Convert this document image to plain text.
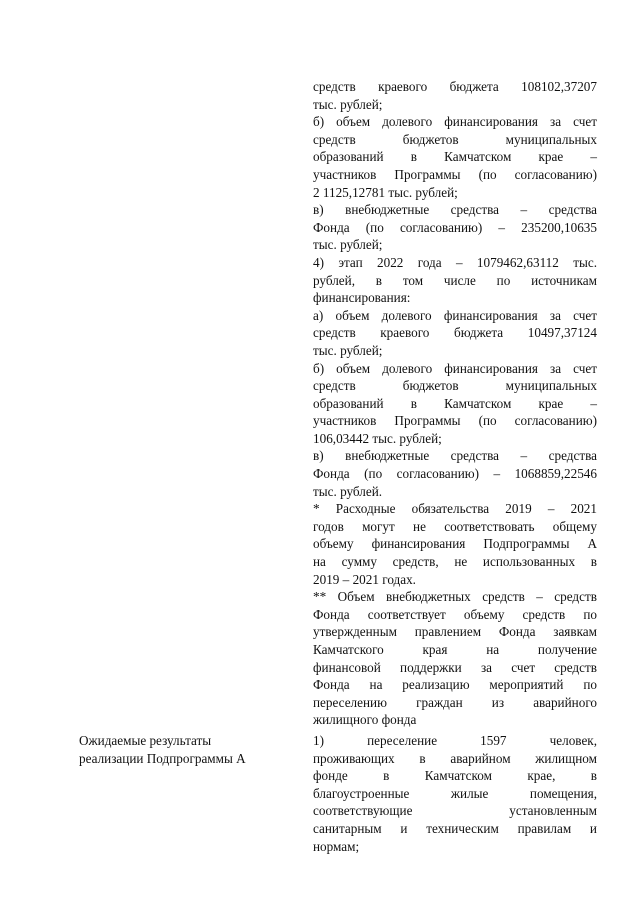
средств краевого бюджета 108102,37207
тыс. рублей;
б) объем долевого финансирования за счет
средств бюджетов муниципальных
образований в Камчатском крае –
участников Программы (по согласованию)
2 1125,12781 тыс. рублей;
в) внебюджетные средства – средства
Фонда (по согласованию) – 235200,10635
тыс. рублей;
4) этап 2022 года – 1079462,63112 тыс.
рублей, в том числе по источникам
финансирования:
а) объем долевого финансирования за счет
средств краевого бюджета 10497,37124
тыс. рублей;
б) объем долевого финансирования за счет
средств бюджетов муниципальных
образований в Камчатском крае –
участников Программы (по согласованию)
106,03442 тыс. рублей;
в) внебюджетные средства – средства
Фонда (по согласованию) – 1068859,22546
тыс. рублей.
* Расходные обязательства 2019 – 2021
годов могут не соответствовать общему
объему финансирования Подпрограммы А
на сумму средств, не использованных в
2019 – 2021 годах.
** Объем внебюджетных средств – средств
Фонда соответствует объему средств по
утвержденным правлением Фонда заявкам
Камчатского края на получение
финансовой поддержки за счет средств
Фонда на реализацию мероприятий по
переселению граждан из аварийного
жилищного фонда
Ожидаемые результаты
реализации Подпрограммы А
1) переселение 1597 человек,
проживающих в аварийном жилищном
фонде в Камчатском крае, в
благоустроенные жилые помещения,
соответствующие установленным
санитарным и техническим правилам и
нормам;
